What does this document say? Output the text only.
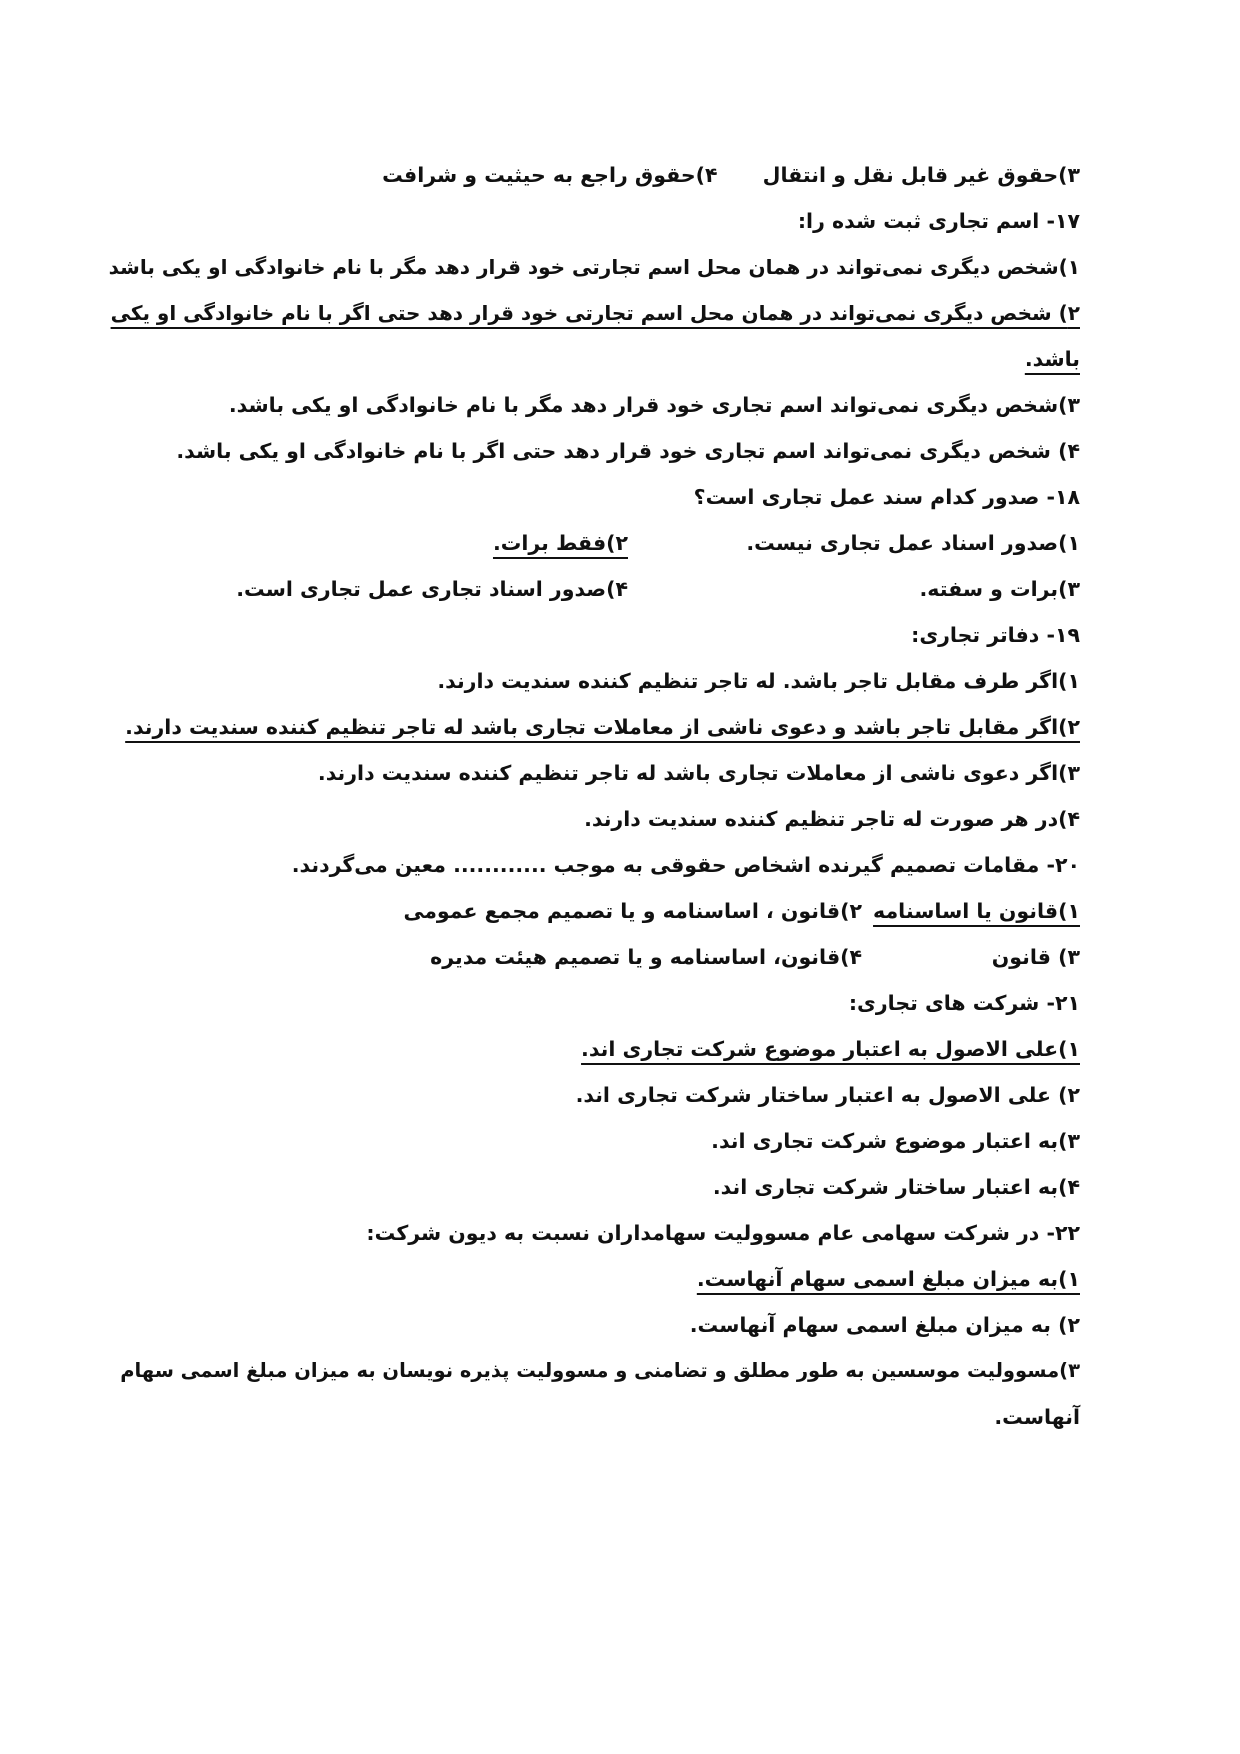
۳)حقوق غیر قابل نقل و انتقال ۴)حقوق راجع به حیثیت و شرافت
۱۷- اسم تجاری ثبت شده را:
۱)شخص دیگری نمی‌تواند در همان محل اسم تجارتی خود قرار دهد مگر با نام خانوادگی او یکی باشد
۲) شخص دیگری نمی‌تواند در همان محل اسم تجارتی خود قرار دهد حتی اگر با نام خانوادگی او یکی
باشد.
۳)شخص دیگری نمی‌تواند اسم تجاری خود قرار دهد مگر با نام خانوادگی او یکی باشد.
۴) شخص دیگری نمی‌تواند اسم تجاری خود قرار دهد حتی اگر با نام خانوادگی او یکی باشد.
۱۸- صدور کدام سند عمل تجاری است؟
۱)صدور اسناد عمل تجاری نیست.
۲)فقط برات.
۳)برات و سفته.
۴)صدور اسناد تجاری عمل تجاری است.
۱۹- دفاتر تجاری:
۱)اگر طرف مقابل تاجر باشد. له تاجر تنظیم کننده سندیت دارند.
۲)اگر مقابل تاجر باشد و دعوی ناشی از معاملات تجاری باشد له تاجر تنظیم کننده سندیت دارند.
۳)اگر دعوی ناشی از معاملات تجاری باشد له تاجر تنظیم کننده سندیت دارند.
۴)در هر صورت له تاجر تنظیم کننده سندیت دارند.
۲۰- مقامات تصمیم گیرنده اشخاص حقوقی به موجب ............ معین می‌گردند.
۱)قانون یا اساسنامه
۲)قانون ، اساسنامه و یا تصمیم مجمع عمومی
۳) قانون
۴)قانون، اساسنامه و یا تصمیم هیئت مدیره
۲۱- شرکت های تجاری:
۱)علی الاصول به اعتبار موضوع شرکت تجاری اند.
۲) علی الاصول به اعتبار ساختار شرکت تجاری اند.
۳)به اعتبار موضوع شرکت تجاری اند.
۴)به اعتبار ساختار شرکت تجاری اند.
۲۲- در شرکت سهامی عام مسوولیت سهامداران نسبت به دیون شرکت:
۱)به میزان مبلغ اسمی سهام آنهاست.
۲) به میزان مبلغ اسمی سهام آنهاست.
۳)مسوولیت موسسین به طور مطلق و تضامنی و مسوولیت پذیره نویسان به میزان مبلغ اسمی سهام
آنهاست.
